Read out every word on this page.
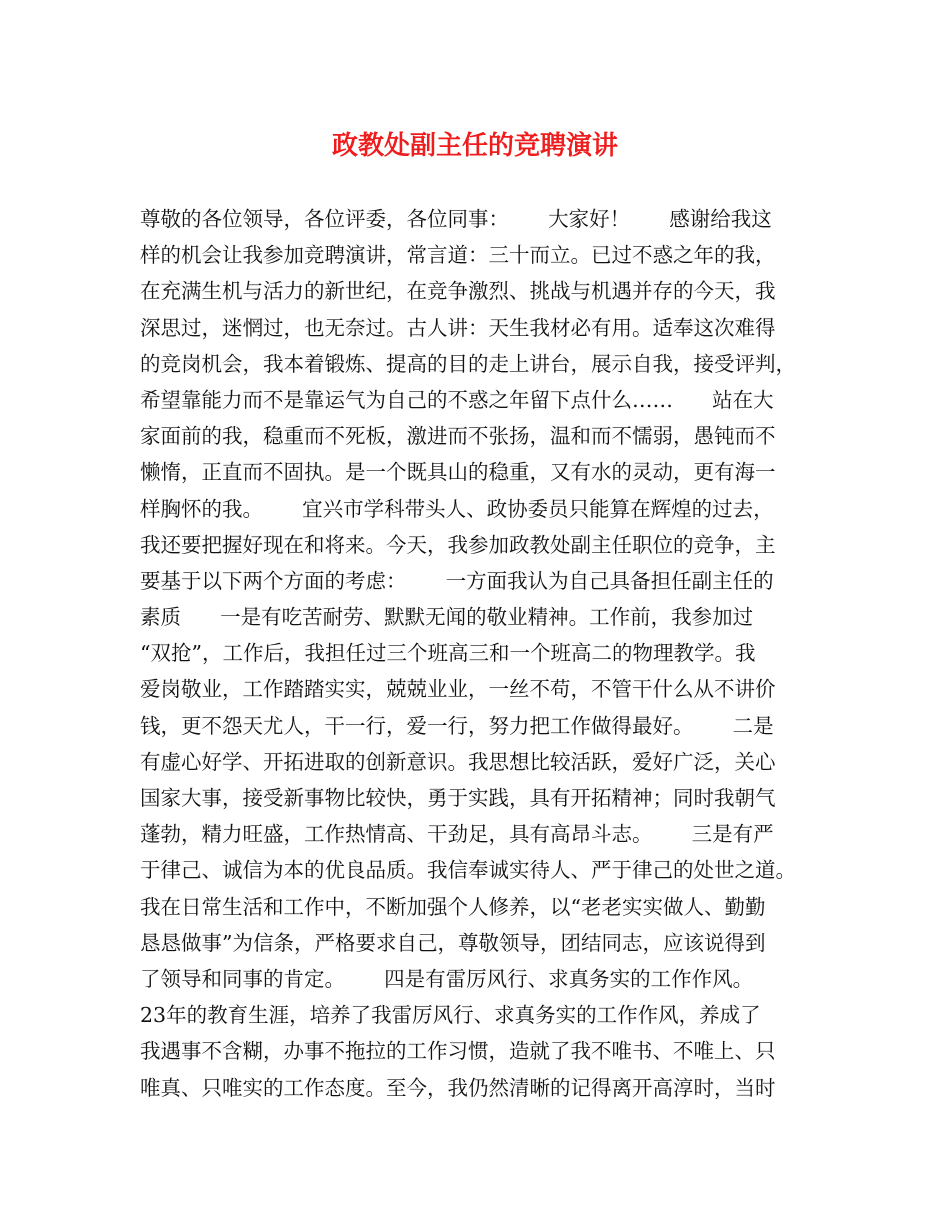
政教处副主任的竞聘演讲
尊敬的各位领导，各位评委，各位同事：      大家好！      感谢给我这
样的机会让我参加竞聘演讲，常言道：三十而立。已过不惑之年的我，
在充满生机与活力的新世纪，在竞争激烈、挑战与机遇并存的今天，我
深思过，迷惘过，也无奈过。古人讲：天生我材必有用。适奉这次难得
的竞岗机会，我本着锻炼、提高的目的走上讲台，展示自我，接受评判，
希望靠能力而不是靠运气为自己的不惑之年留下点什么……      站在大
家面前的我，稳重而不死板，激进而不张扬，温和而不懦弱，愚钝而不
懒惰，正直而不固执。是一个既具山的稳重，又有水的灵动，更有海一
样胸怀的我。      宜兴市学科带头人、政协委员只能算在辉煌的过去，
我还要把握好现在和将来。今天，我参加政教处副主任职位的竞争，主
要基于以下两个方面的考虑：      一方面我认为自己具备担任副主任的
素质      一是有吃苦耐劳、默默无闻的敬业精神。工作前，我参加过
“双抢”，工作后，我担任过三个班高三和一个班高二的物理教学。我
爱岗敬业，工作踏踏实实，兢兢业业，一丝不苟，不管干什么从不讲价
钱，更不怨天尤人，干一行，爱一行，努力把工作做得最好。      二是
有虚心好学、开拓进取的创新意识。我思想比较活跃，爱好广泛，关心
国家大事，接受新事物比较快，勇于实践，具有开拓精神；同时我朝气
蓬勃，精力旺盛，工作热情高、干劲足，具有高昂斗志。      三是有严
于律己、诚信为本的优良品质。我信奉诚实待人、严于律己的处世之道。
我在日常生活和工作中，不断加强个人修养，以“老老实实做人、勤勤
恳恳做事”为信条，严格要求自己，尊敬领导，团结同志，应该说得到
了领导和同事的肯定。      四是有雷厉风行、求真务实的工作作风。
23年的教育生涯，培养了我雷厉风行、求真务实的工作作风，养成了
我遇事不含糊，办事不拖拉的工作习惯，造就了我不唯书、不唯上、只
唯真、只唯实的工作态度。至今，我仍然清晰的记得离开高淳时，当时
